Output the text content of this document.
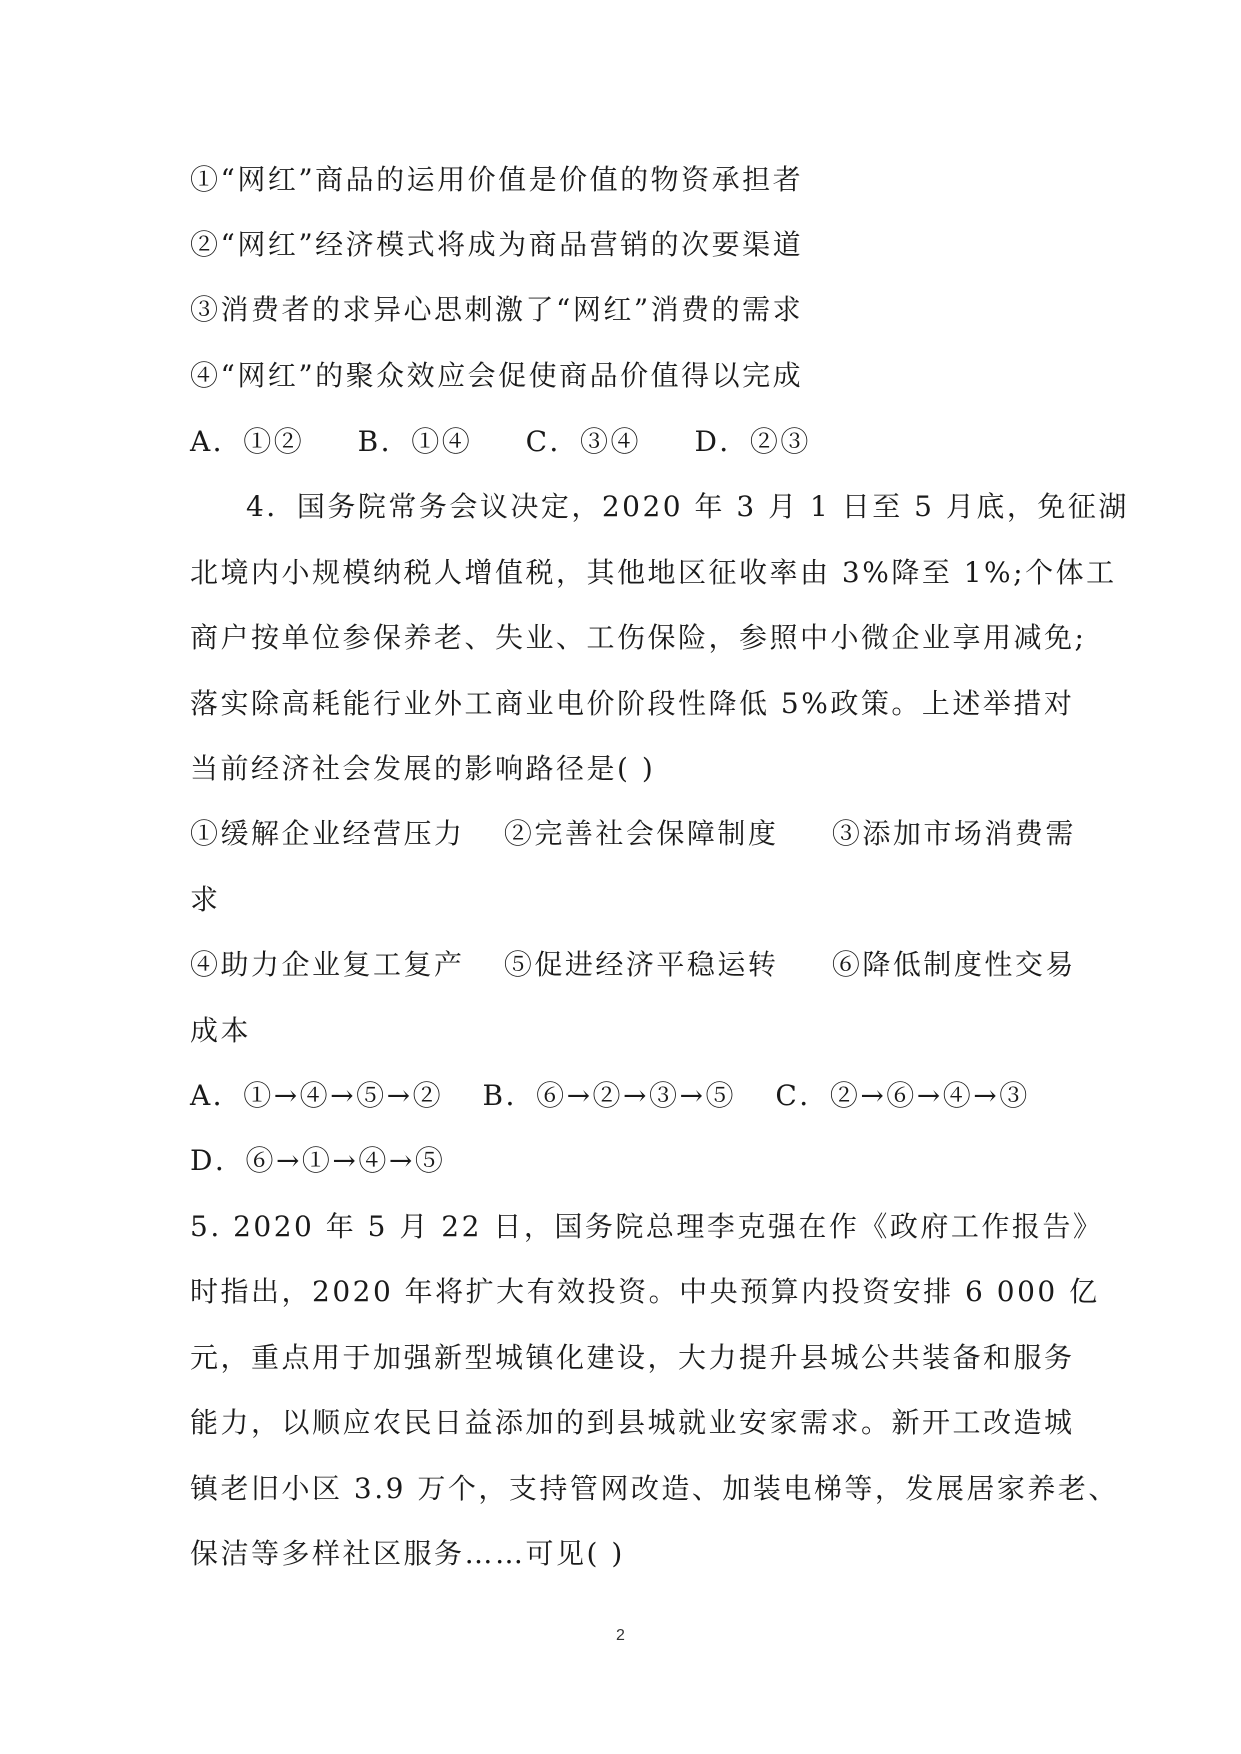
①“网红”商品的运用价值是价值的物资承担者
②“网红”经济模式将成为商品营销的次要渠道
③消费者的求异心思刺激了“网红”消费的需求
④“网红”的聚众效应会促使商品价值得以完成
A．①② B．①④ C．③④ D．②③
4．国务院常务会议决定，2020 年 3 月 1 日至 5 月底，免征湖
北境内小规模纳税人增值税，其他地区征收率由 3%降至 1%;个体工
商户按单位参保养老、失业、工伤保险，参照中小微企业享用减免;
落实除高耗能行业外工商业电价阶段性降低 5%政策。上述举措对
当前经济社会发展的影响路径是( )
①缓解企业经营压力 ②完善社会保障制度 ③添加市场消费需
求
④助力企业复工复产 ⑤促进经济平稳运转 ⑥降低制度性交易
成本
A．①→④→⑤→② B．⑥→②→③→⑤ C．②→⑥→④→③
D．⑥→①→④→⑤
5. 2020 年 5 月 22 日，国务院总理李克强在作《政府工作报告》
时指出，2020 年将扩大有效投资。中央预算内投资安排 6 000 亿
元，重点用于加强新型城镇化建设，大力提升县城公共装备和服务
能力，以顺应农民日益添加的到县城就业安家需求。新开工改造城
镇老旧小区 3.9 万个，支持管网改造、加装电梯等，发展居家养老、
保洁等多样社区服务……可见( )
2
